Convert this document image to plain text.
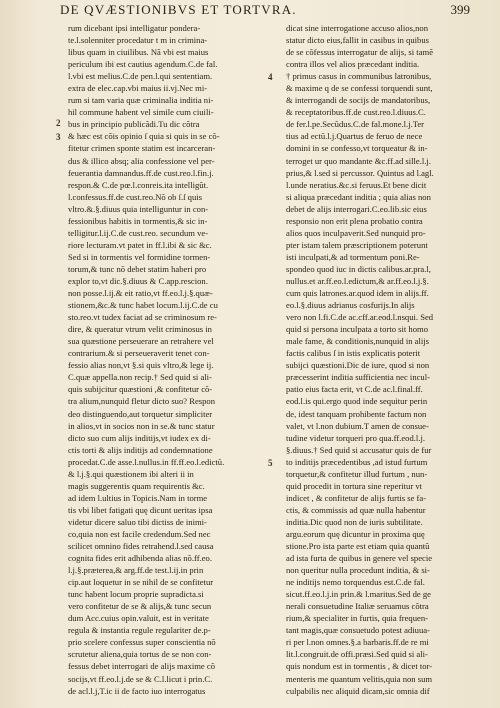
DE QVÆSTIONIBVS ET TORTVRA.	399
rum dicebant ipsi intelligatur pondera-
te.l.solenniter procedatur t m in crimina-
libus quam in ciuilibus. Nã vbi est maius
periculum ibi est cautius agendum.C.de fal.
l.vbi est melius.C.de pen.l.qui sententiam.
extra de elec.cap.vbi maius ii.vj.Nec mi-
rum si tam varia quæ criminalia inditia ni-
hil commune habent vel simile cum ciuili-
bus in principio publicãdi.Tu dic cõtra
& hæc est cõis opinio ſ quia si quis in se cõ-
fitetur crimen sponte statim est incarceran-
dus & illico absq; alia confessione vel per-
feuerantia damnandus.ff.de cust.reo.l.fin.j.
respon.& C.de pœ.l.conreis.ita intelligũt.
l.confessus.ff.de cust.reo.Nõ ob ſ.ſ quis
vltro.&.§.diuus quia intelliguntur in con-
fessionibus habitis in tormentis,& sic in-
telligitur.l.ij.C.de cust.reo. secundum ve-
riore lecturam.vt patet in ff.l.ibi & sic &c.
Sed si in tormentis vel formidine tormen-
torum,& tunc nõ debet statim haberi pro
explor to,vt dic.§.diuus & C.app.rescion.
non posse.l.ij.& eit ratio,vt ff.eo.l.j.§.quæ-
stionem,&c.& tunc habet locum.l.ij.C.de cu
sto.reo.vt tudex faciat ad se criminosum re-
dire, & queratur vtrum velit criminosus in
sua quæstione perseuerare an retrahere vel
contrarium.& si perseueraverit tenet con-
fessio alias non,vt §.si quis vltro,& lege ij.
C.quæ appella.non recip.† Sed quid si ali-
quis subijcitur quæstioni ,& confitetur cõ-
tra alium,nunquid fletur dicto suo? Respon
deo distinguendo,aut torquetur simpliciter
in alios,vt in socios non in se.& tunc statur
dicto suo cum alijs inditijs,vt iudex ex di-
ctis torti & alijs inditijs ad condemnatione
procedat.C.de asse.l.nullus.in ff.ff.eo.l.edictũ.
& l.j.§.qui quæstionem ibi alteri ii in
magis suggerentis quam requirentis &c.
ad idem l.ultius in Topicis.Nam in torme
tis vbi libet fatigati quę dicunt ueritas ipsa
videtur dicere saluo tibi dictiss de inimi-
co,quia non est facile credendum.Sed nec
scilicet omnino fides retrahend.l.sed causa
cognita fides erit adhibenda alias nõ.ff.eo.
l.j.§.præterea,& arg.ff.de test.l.ij.in prin
cip.aut loquetur in se nihil de se confitetur
tunc habent locum proprie supradicta.si
vero confitetur de se & alijs,& tunc secun
dum Acc.cuius opin.valuit, est in veritate
regula & instantia regule regulariter de.p-
prio scelere confessus super conscientia nõ
scrutetur aliena,quia tortus de se non con-
fessus debet interrogari de alijs maxime cõ
socijs,vt ff.eo.l.j.de se & C.l.licut i prin.C.
de acl.l.j,T.ic ii de facto iuo interrogatus
dicat sine interrogatione accuso alios,non
statur dicto eius,fallit in casibus in quibus
de se cõfessus interrogatur de alijs, si tamẽ
contra illos vel alios præcedant inditia.
† primus casus in communibus latronibus,
& maxime q de se confessi torquendi sunt,
& interrogandi de socijs de mandatoribus,
& receptatoribus.ff.de cust.reo.l.diuus.C.
de fer.l.pe.Secũdus.C.de fal.mone.l.j.Ter
tius ad ectũ.l.j.Quartus de feruo de nece
domini in se confesso,vt torqueatur & in-
terroget ur quo mandante &c.ff.ad sille.l.j.
prius,& l.sed si percussor. Quintus ad l.agl.
l.unde neratius.&c.si feruus.Et bene dicit
si aliqua præcedant inditia ; quia alias non
debet de alijs interrogari.C.eo.lib.sic eius
responsio non erit plena probatio contra
alios quos inculpaverit.Sed nunquid pro-
pter istam talem præscriptionem poterunt
isti inculpati,& ad tormentum poni.Re-
spondeo quod iuc in dictis calibus.ar.pra.l,
nullus.et ar.ff.eo.l.edictum,& ar.ff.eo.l.j.§.
cum quis latrones.ar.quod idem in alijs.ff.
eo.l.§.diuus adrianus cosfurijs.In alijs
vero non l.fi.C.de ac.cff.ar.eod.l.nsqui. Sed
quid si persona inculpata a torto sit homo
male fame, & conditionis,nunquid in alijs
factis calibus ſ in istis explicatis poterit
subijci quæstioni.Dic de iure, quod si non
præcesserint inditia sufficientia nec incul-
patio eius facta erit, vt C.de ac.l.final.ff.
eod.l.is qui.ergo quod inde sequitur perin
de, idest tanquam prohibente factum non
valet, vt l.non dubium.T amen de consue-
tudine videtur torqueri pro qua.ff.eod.l.j.
§.diuus.† Sed quid si accusatur quis de fur
to inditijs præcedentibus ,ad istud furtum
torquetur,& confitetur illud furtum , nun-
quid procedit in tortura sine reperitur vt
indicet , & confitetur de alijs furtis se fa-
ctis, & commissis ad quæ nulla habentur
inditia.Dic quod non de iuris subtilitate.
argu.eorum quę dicuntur in proxima quę
stione.Pro ista parte est etiam quia quantũ
ad ista furta de quibus in genere vel specie
non queritur nulla procedunt inditia, & si-
ne inditijs nemo torquendus est.C.de fal.
sicut.ff.eo.l.j.in prin.& l.maritus.Sed de ge
nerali consuetudine Italiæ seruamus cõtra
rium,& specialiter in furtis, quia frequen-
tant magis,quæ consuetudo potest adiuua-
ri per l.non omnes.§.a barbaris.ff.de re mi
lit.l.congruit.de offi.præsi.Sed quid si ali-
quis nondum est in tormentis , & dicet tor-
menteris me quantum velitis,quia non sum
culpabilis nec aliquid dicam,sic omnia dif
2
3
4
5
